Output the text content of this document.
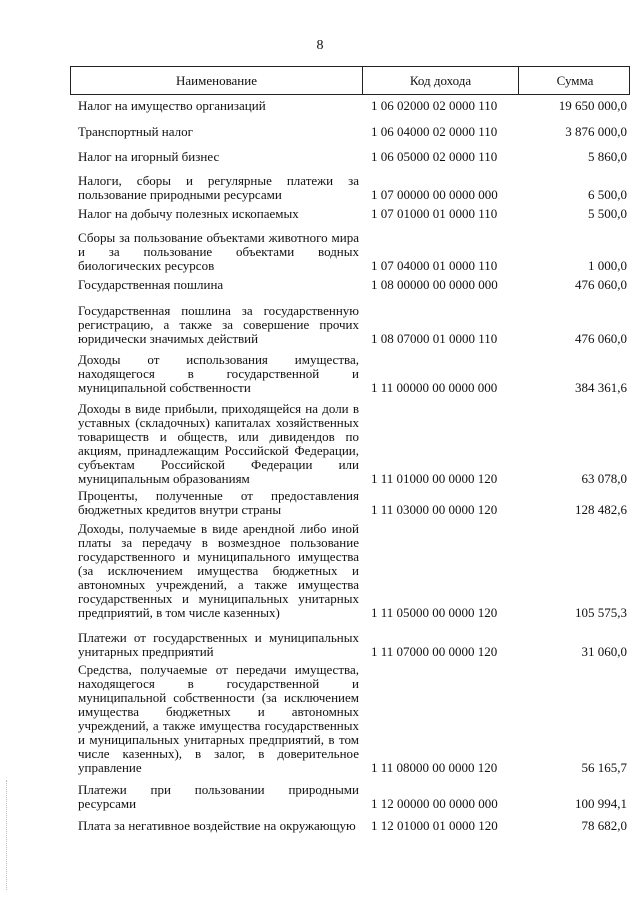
8
Наименование	Код дохода	Сумма
Налог на имущество организаций	1 06 02000 02 0000 110	19 650 000,0
Транспортный налог	1 06 04000 02 0000 110	3 876 000,0
Налог на игорный бизнес	1 06 05000 02 0000 110	5 860,0
Налоги, сборы и регулярные платежи за
пользование природными ресурсами	1 07 00000 00 0000 000	6 500,0
Налог на добычу полезных ископаемых	1 07 01000 01 0000 110	5 500,0
Сборы за пользование объектами животного мира
и за пользование объектами водных
биологических ресурсов	1 07 04000 01 0000 110	1 000,0
Государственная пошлина	1 08 00000 00 0000 000	476 060,0
Государственная пошлина за государственную
регистрацию, а также за совершение прочих
юридически значимых действий	1 08 07000 01 0000 110	476 060,0
Доходы от использования имущества,
находящегося в государственной и
муниципальной собственности	1 11 00000 00 0000 000	384 361,6
Доходы в виде прибыли, приходящейся на доли в
уставных (складочных) капиталах хозяйственных
товариществ и обществ, или дивидендов по
акциям, принадлежащим Российской Федерации,
субъектам Российской Федерации или
муниципальным образованиям	1 11 01000 00 0000 120	63 078,0
Проценты, полученные от предоставления
бюджетных кредитов внутри страны	1 11 03000 00 0000 120	128 482,6
Доходы, получаемые в виде арендной либо иной
платы за передачу в возмездное пользование
государственного и муниципального имущества
(за исключением имущества бюджетных и
автономных учреждений, а также имущества
государственных и муниципальных унитарных
предприятий, в том числе казенных)	1 11 05000 00 0000 120	105 575,3
Платежи от государственных и муниципальных
унитарных предприятий	1 11 07000 00 0000 120	31 060,0
Средства, получаемые от передачи имущества,
находящегося в государственной и
муниципальной собственности (за исключением
имущества бюджетных и автономных
учреждений, а также имущества государственных
и муниципальных унитарных предприятий, в том
числе казенных), в залог, в доверительное
управление	1 11 08000 00 0000 120	56 165,7
Платежи при пользовании природными
ресурсами	1 12 00000 00 0000 000	100 994,1
Плата за негативное воздействие на окружающую	1 12 01000 01 0000 120	78 682,0
